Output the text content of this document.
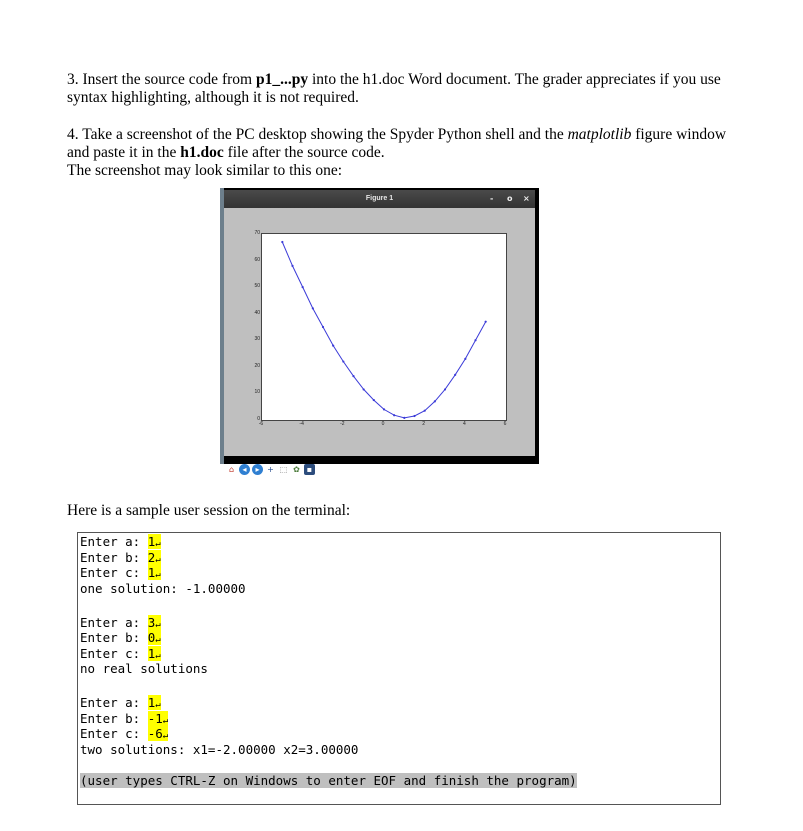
3. Insert the source code from p1_...py into the h1.doc Word document. The grader appreciates if you use syntax highlighting, although it is not required.

4. Take a screenshot of the PC desktop showing the Spyder Python shell and the matplotlib figure window and paste it in the h1.doc file after the source code.

The screenshot may look similar to this one:

Figure 1	- o ×
0
10
20
30
40
50
60
70
-6	-4	-2	0	2	4	6
⌂	◂	▸ + ⬚ ✿ ▪
Here is a sample user session on the terminal:
Enter a: 1↵
Enter b: 2↵
Enter c: 1↵
one solution: -1.00000
Enter a: 3↵
Enter b: 0↵
Enter c: 1↵
no real solutions
Enter a: 1↵
Enter b: -1↵
Enter c: -6↵
two solutions: x1=-2.00000 x2=3.00000
(user types CTRL-Z on Windows to enter EOF and finish the program)
